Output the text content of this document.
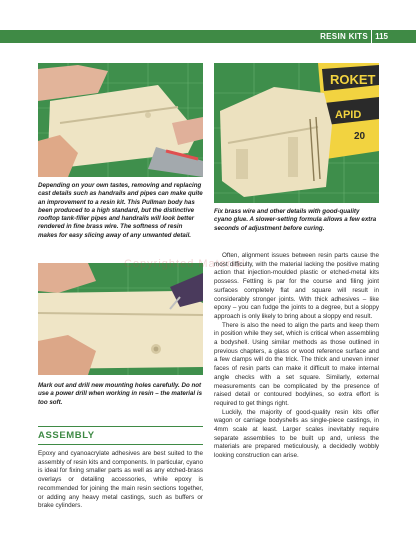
RESIN KITS 115

Depending on your own tastes, removing and replacing cast details such as handrails and pipes can make quite an improvement to a resin kit. This Pullman body has been produced to a high standard, but the distinctive rooftop tank-filler pipes and handrails will look better rendered in fine brass wire. The softness of resin makes for easy slicing away of any unwanted detail.

ROKET
APID
20

Fix brass wire and other details with good-quality cyano glue. A slower-setting formula allows a few extra seconds of adjustment before curing.

Mark out and drill new mounting holes carefully. Do not use a power drill when working in resin – the material is too soft.

Copyrighted Material
ASSEMBLY

Epoxy and cyanoacrylate adhesives are best suited to the assembly of resin kits and components. In particular, cyano is ideal for fixing smaller parts as well as any etched-brass overlays or detailing accessories, while epoxy is recommended for joining the main resin sections together, or adding any heavy metal castings, such as buffers or brake cylinders.

Often, alignment issues between resin parts cause the most difficulty, with the material lacking the positive mating action that injection-moulded plastic or etched-metal kits possess. Fettling is par for the course and filing joint surfaces completely flat and square will result in considerably stronger joints. With thick adhesives – like epoxy – you can fudge the joints to a degree, but a sloppy approach is only likely to bring about a sloppy end result.

There is also the need to align the parts and keep them in position while they set, which is critical when assembling a bodyshell. Using similar methods as those outlined in previous chapters, a glass or wood reference surface and a few clamps will do the trick. The thick and uneven inner faces of resin parts can make it difficult to make internal angle checks with a set square. Similarly, external measurements can be complicated by the presence of raised detail or contoured bodylines, so extra effort is required to get things right.

Luckily, the majority of good-quality resin kits offer wagon or carriage bodyshells as single-piece castings, in 4mm scale at least. Larger scales inevitably require separate assemblies to be built up and, unless the materials are prepared meticulously, a decidedly wobbly looking construction can arise.
